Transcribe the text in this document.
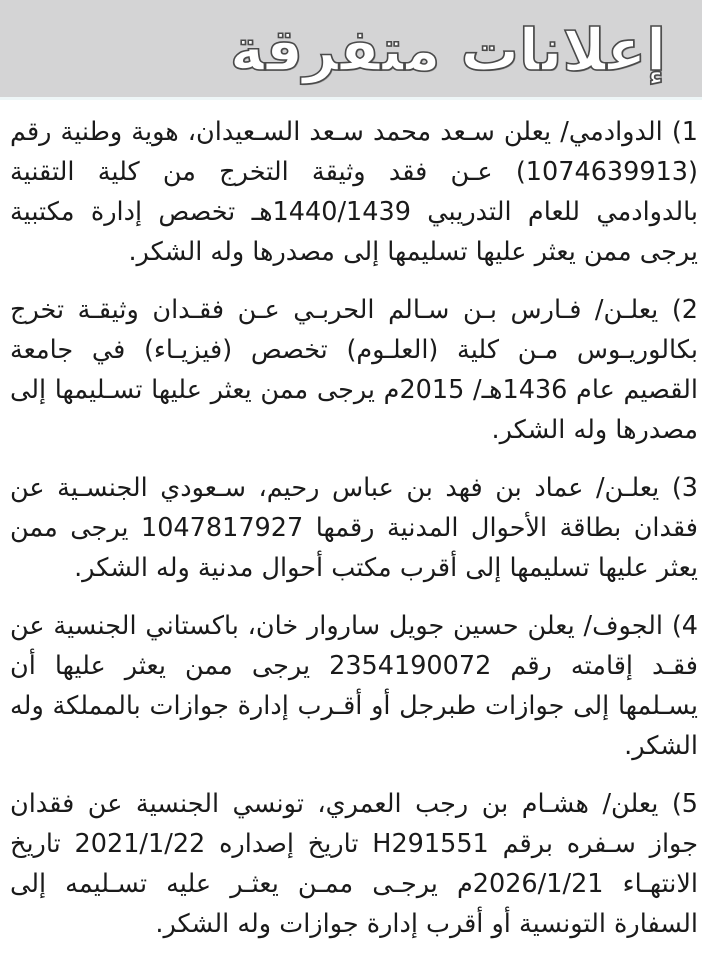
إعلانات متفرقة

1) الدوادمي/ يعلن سـعد محمد سـعد السـعيدان، هوية وطنية رقم (1074639913) عـن فقد وثيقة التخرج من كلية التقنية بالدوادمي للعام التدريبي 1440/1439هـ تخصص إدارة مكتبية يرجى ممن يعثر عليها تسليمها إلى مصدرها وله الشكر.

2) يعلـن/ فـارس بـن سـالم الحربـي عـن فقـدان وثيقـة تخرج بكالوريـوس مـن كلية (العلـوم) تخصص (فيزيـاء) في جامعة القصيم عام 1436هـ/ 2015م يرجى ممن يعثر عليها تسـليمها إلى مصدرها وله الشكر.

3) يعلـن/ عماد بن فهد بن عباس رحيم، سـعودي الجنسـية عن فقدان بطاقة الأحوال المدنية رقمها 1047817927 يرجى ممن يعثر عليها تسليمها إلى أقرب مكتب أحوال مدنية وله الشكر.

4) الجوف/ يعلن حسين جويل ساروار خان، باكستاني الجنسية عن فقـد إقامته رقم 2354190072 يرجى ممن يعثر عليها أن يسـلمها إلى جوازات طبرجل أو أقـرب إدارة جوازات بالمملكة وله الشكر.

5) يعلن/ هشـام بن رجب العمري، تونسي الجنسية عن فقدان جواز سـفره برقم H291551 تاريخ إصداره 2021/1/22 تاريخ الانتهـاء 2026/1/21م يرجـى ممـن يعثـر عليه تسـليمه إلى السفارة التونسية أو أقرب إدارة جوازات وله الشكر.
